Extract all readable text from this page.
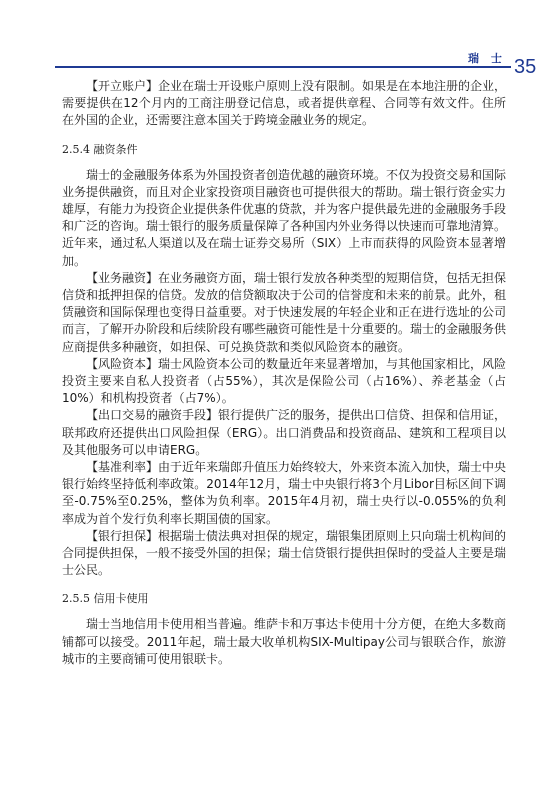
瑞 士 35

【开立账户】企业在瑞士开设账户原则上没有限制。如果是在本地注册的企业，需要提供在12个月内的工商注册登记信息，或者提供章程、合同等有效文件。住所在外国的企业，还需要注意本国关于跨境金融业务的规定。

2.5.4 融资条件

瑞士的金融服务体系为外国投资者创造优越的融资环境。不仅为投资交易和国际业务提供融资，而且对企业家投资项目融资也可提供很大的帮助。瑞士银行资金实力雄厚，有能力为投资企业提供条件优惠的贷款，并为客户提供最先进的金融服务手段和广泛的咨询。瑞士银行的服务质量保障了各种国内外业务得以快速而可靠地清算。近年来，通过私人渠道以及在瑞士证券交易所（SIX）上市而获得的风险资本显著增加。

【业务融资】在业务融资方面，瑞士银行发放各种类型的短期信贷，包括无担保信贷和抵押担保的信贷。发放的信贷额取决于公司的信誉度和未来的前景。此外，租赁融资和国际保理也变得日益重要。对于快速发展的年轻企业和正在进行选址的公司而言，了解开办阶段和后续阶段有哪些融资可能性是十分重要的。瑞士的金融服务供应商提供多种融资，如担保、可兑换贷款和类似风险资本的融资。

【风险资本】瑞士风险资本公司的数量近年来显著增加，与其他国家相比，风险投资主要来自私人投资者（占55%），其次是保险公司（占16%）、养老基金（占10%）和机构投资者（占7%）。

【出口交易的融资手段】银行提供广泛的服务，提供出口信贷、担保和信用证，联邦政府还提供出口风险担保（ERG）。出口消费品和投资商品、建筑和工程项目以及其他服务可以申请ERG。

【基准利率】由于近年来瑞郎升值压力始终较大，外来资本流入加快，瑞士中央银行始终坚持低利率政策。2014年12月，瑞士中央银行将3个月Libor目标区间下调至-0.75%至0.25%，整体为负利率。2015年4月初，瑞士央行以-0.055%的负利率成为首个发行负利率长期国债的国家。

【银行担保】根据瑞士债法典对担保的规定，瑞银集团原则上只向瑞士机构间的合同提供担保，一般不接受外国的担保；瑞士信贷银行提供担保时的受益人主要是瑞士公民。

2.5.5 信用卡使用

瑞士当地信用卡使用相当普遍。维萨卡和万事达卡使用十分方便，在绝大多数商铺都可以接受。2011年起，瑞士最大收单机构SIX-Multipay公司与银联合作，旅游城市的主要商铺可使用银联卡。
